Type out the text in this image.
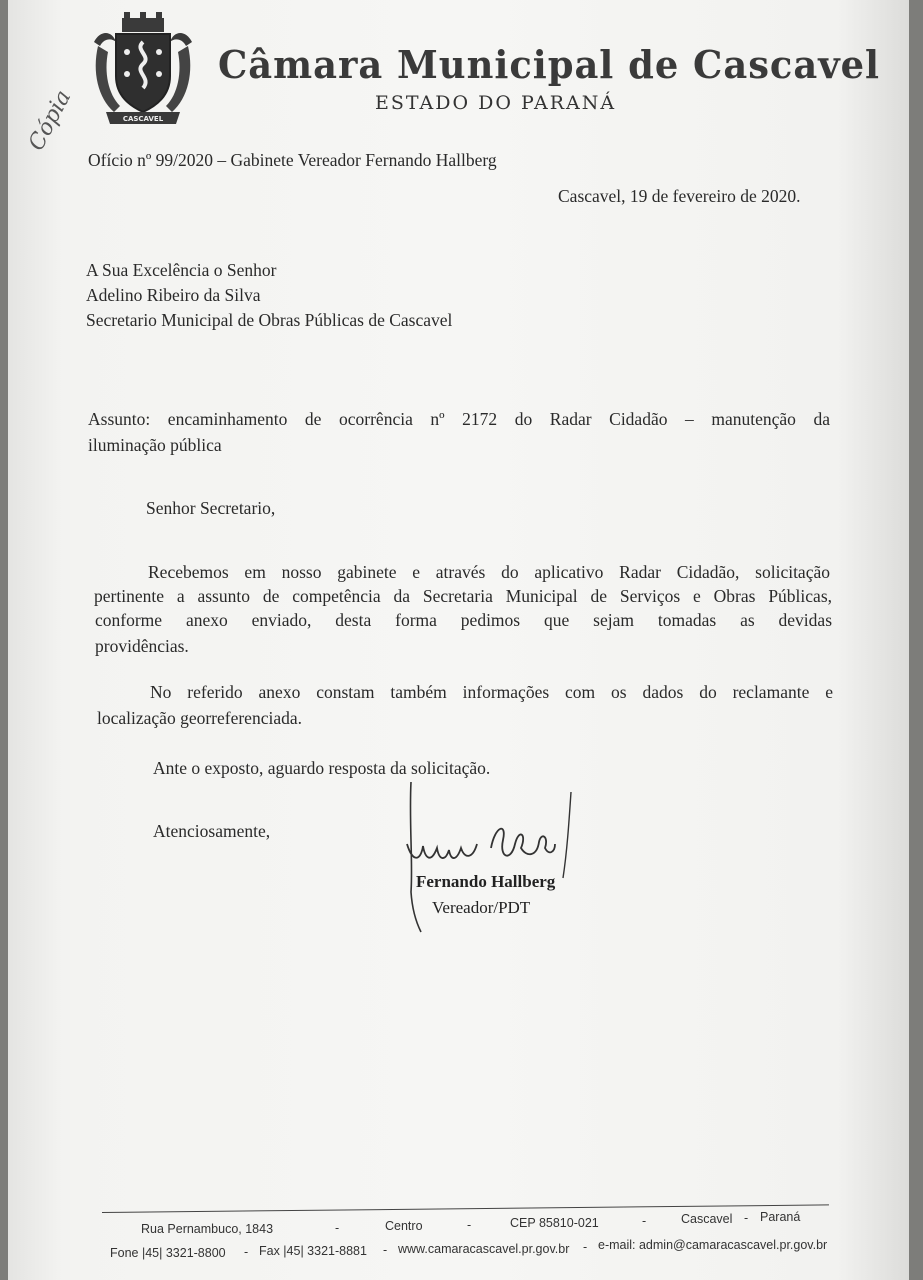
CASCAVEL
Câmara Municipal de Cascavel
ESTADO DO PARANÁ
Cópia
Ofício nº 99/2020 – Gabinete Vereador Fernando Hallberg
Cascavel, 19 de fevereiro de 2020.
A Sua Excelência o Senhor
Adelino Ribeiro da Silva
Secretario Municipal de Obras Públicas de Cascavel
Assunto: encaminhamento de ocorrência nº 2172 do Radar Cidadão – manutenção da
iluminação pública
Senhor Secretario,
Recebemos em nosso gabinete e através do aplicativo Radar Cidadão, solicitação
pertinente a assunto de competência da Secretaria Municipal de Serviços e Obras Públicas,
conforme anexo enviado, desta forma pedimos que sejam tomadas as devidas
providências.
No referido anexo constam também informações com os dados do reclamante e
localização georreferenciada.
Ante o exposto, aguardo resposta da solicitação.
Atenciosamente,
Fernando Hallberg
Vereador/PDT
Rua Pernambuco, 1843	-	Centro	-	CEP 85810-021	-	Cascavel - Paraná
Fone |45| 3321-8800 - Fax |45| 3321-8881 - www.camaracascavel.pr.gov.br - e-mail: admin@camaracascavel.pr.gov.br
